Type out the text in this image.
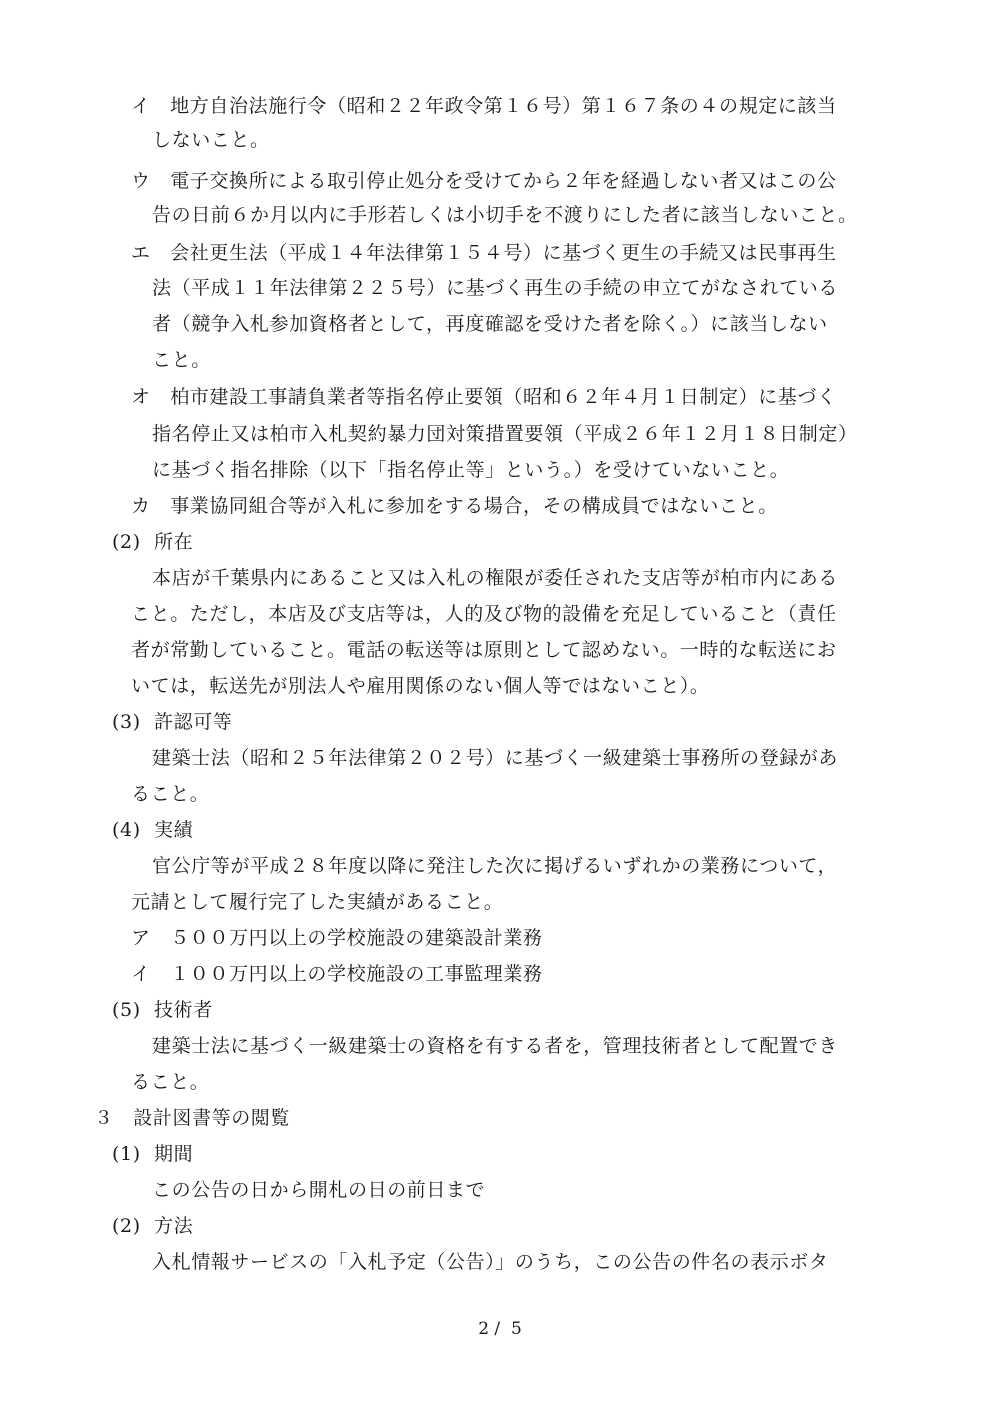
イ　地方自治法施行令（昭和２２年政令第１６号）第１６７条の４の規定に該当
しないこと。
ウ　電子交換所による取引停止処分を受けてから２年を経過しない者又はこの公
告の日前６か月以内に手形若しくは小切手を不渡りにした者に該当しないこと。
エ　会社更生法（平成１４年法律第１５４号）に基づく更生の手続又は民事再生
法（平成１１年法律第２２５号）に基づく再生の手続の申立てがなされている
者（競争入札参加資格者として，再度確認を受けた者を除く。）に該当しない
こと。
オ　柏市建設工事請負業者等指名停止要領（昭和６２年４月１日制定）に基づく
指名停止又は柏市入札契約暴力団対策措置要領（平成２６年１２月１８日制定）
に基づく指名排除（以下「指名停止等」という。）を受けていないこと。
カ　事業協同組合等が入札に参加をする場合，その構成員ではないこと。
(2)  所在
本店が千葉県内にあること又は入札の権限が委任された支店等が柏市内にある
こと。ただし，本店及び支店等は，人的及び物的設備を充足していること（責任
者が常勤していること。電話の転送等は原則として認めない。一時的な転送にお
いては，転送先が別法人や雇用関係のない個人等ではないこと）。
(3)  許認可等
建築士法（昭和２５年法律第２０２号）に基づく一級建築士事務所の登録があ
ること。
(4)  実績
官公庁等が平成２８年度以降に発注した次に掲げるいずれかの業務について，
元請として履行完了した実績があること。
ア　５００万円以上の学校施設の建築設計業務
イ　１００万円以上の学校施設の工事監理業務
(5)  技術者
建築士法に基づく一級建築士の資格を有する者を，管理技術者として配置でき
ること。
３　設計図書等の閲覧
(1)  期間
この公告の日から開札の日の前日まで
(2)  方法
入札情報サービスの「入札予定（公告）」のうち，この公告の件名の表示ボタ
2 /  5
